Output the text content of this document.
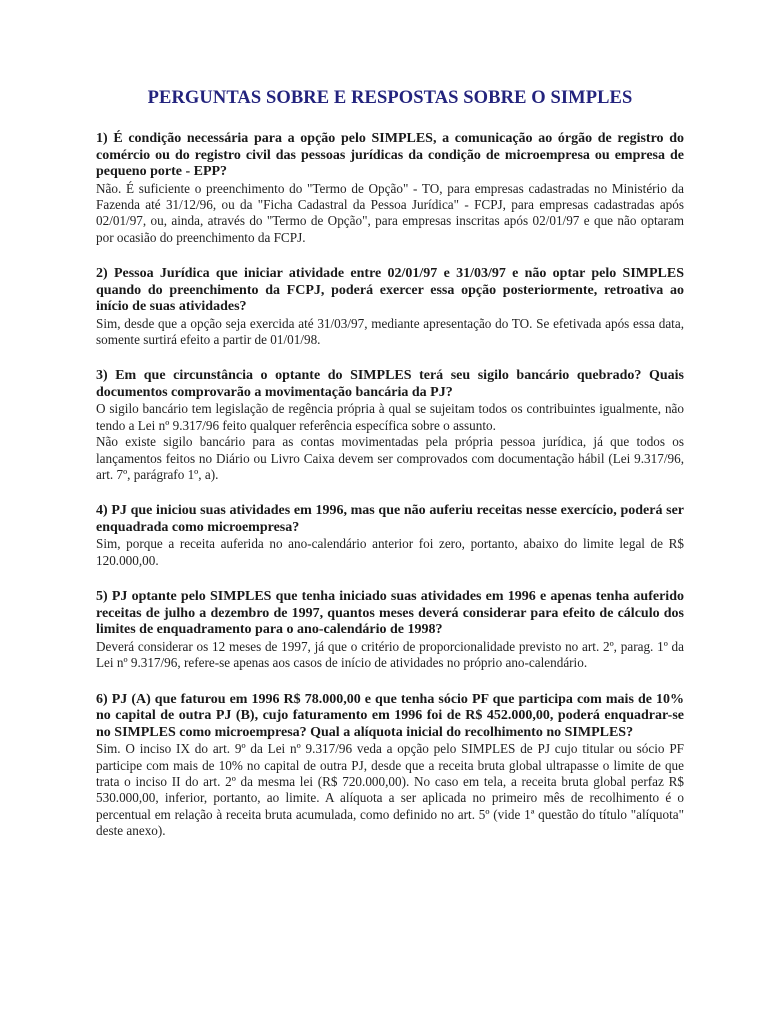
PERGUNTAS SOBRE E RESPOSTAS SOBRE O SIMPLES

1) É condição necessária para a opção pelo SIMPLES, a comunicação ao órgão de registro do comércio ou do registro civil das pessoas jurídicas da condição de microempresa ou empresa de pequeno porte - EPP?

Não. É suficiente o preenchimento do "Termo de Opção" - TO, para empresas cadastradas no Ministério da Fazenda até 31/12/96, ou da "Ficha Cadastral da Pessoa Jurídica" - FCPJ, para empresas cadastradas após 02/01/97, ou, ainda, através do "Termo de Opção", para empresas inscritas após 02/01/97 e que não optaram por ocasião do preenchimento da FCPJ.

2) Pessoa Jurídica que iniciar atividade entre 02/01/97 e 31/03/97 e não optar pelo SIMPLES quando do preenchimento da FCPJ, poderá exercer essa opção posteriormente, retroativa ao início de suas atividades?

Sim, desde que a opção seja exercida até 31/03/97, mediante apresentação do TO. Se efetivada após essa data, somente surtirá efeito a partir de 01/01/98.

3) Em que circunstância o optante do SIMPLES terá seu sigilo bancário quebrado? Quais documentos comprovarão a movimentação bancária da PJ?

O sigilo bancário tem legislação de regência própria à qual se sujeitam todos os contribuintes igualmente, não tendo a Lei nº 9.317/96 feito qualquer referência específica sobre o assunto.

Não existe sigilo bancário para as contas movimentadas pela própria pessoa jurídica, já que todos os lançamentos feitos no Diário ou Livro Caixa devem ser comprovados com documentação hábil (Lei 9.317/96, art. 7º, parágrafo 1º, a).

4) PJ que iniciou suas atividades em 1996, mas que não auferiu receitas nesse exercício, poderá ser enquadrada como microempresa?

Sim, porque a receita auferida no ano-calendário anterior foi zero, portanto, abaixo do limite legal de R$ 120.000,00.

5) PJ optante pelo SIMPLES que tenha iniciado suas atividades em 1996 e apenas tenha auferido receitas de julho a dezembro de 1997, quantos meses deverá considerar para efeito de cálculo dos limites de enquadramento para o ano-calendário de 1998?

Deverá considerar os 12 meses de 1997, já que o critério de proporcionalidade previsto no art. 2º, parag. 1º da Lei nº 9.317/96, refere-se apenas aos casos de início de atividades no próprio ano-calendário.

6) PJ (A) que faturou em 1996 R$ 78.000,00 e que tenha sócio PF que participa com mais de 10% no capital de outra PJ (B), cujo faturamento em 1996 foi de R$ 452.000,00, poderá enquadrar-se no SIMPLES como microempresa? Qual a alíquota inicial do recolhimento no SIMPLES?

Sim. O inciso IX do art. 9º da Lei nº 9.317/96 veda a opção pelo SIMPLES de PJ cujo titular ou sócio PF participe com mais de 10% no capital de outra PJ, desde que a receita bruta global ultrapasse o limite de que trata o inciso II do art. 2º da mesma lei (R$ 720.000,00). No caso em tela, a receita bruta global perfaz R$ 530.000,00, inferior, portanto, ao limite. A alíquota a ser aplicada no primeiro mês de recolhimento é o percentual em relação à receita bruta acumulada, como definido no art. 5º (vide 1ª questão do título "alíquota" deste anexo).
